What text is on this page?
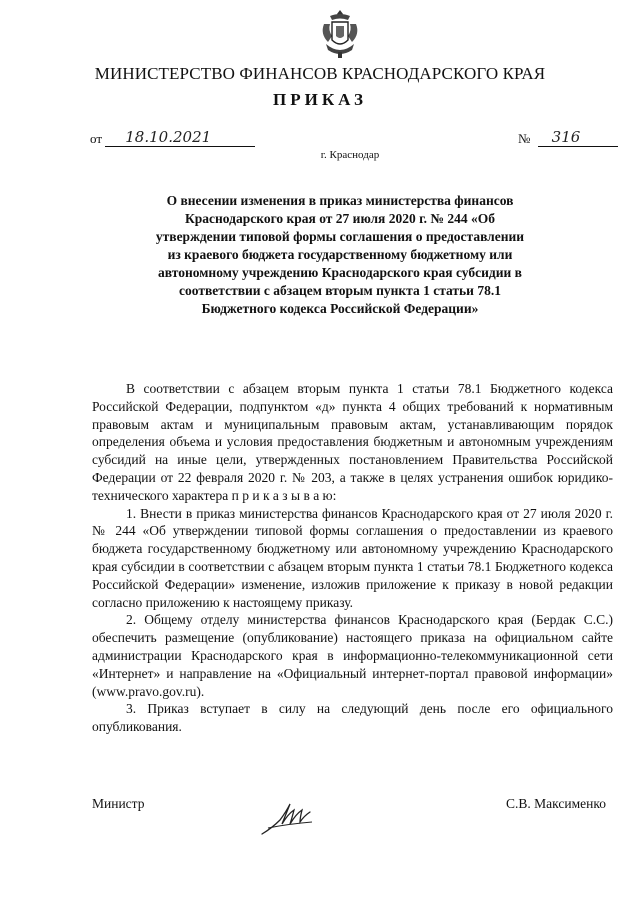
МИНИСТЕРСТВО ФИНАНСОВ КРАСНОДАРСКОГО КРАЯ
ПРИКАЗ
от 18.10.2021	№ 316
г. Краснодар
О внесении изменения в приказ министерства финансов Краснодарского края от 27 июля 2020 г. № 244 «Об утверждении типовой формы соглашения о предоставлении из краевого бюджета государственному бюджетному или автономному учреждению Краснодарского края субсидии в соответствии с абзацем вторым пункта 1 статьи 78.1 Бюджетного кодекса Российской Федерации»

В соответствии с абзацем вторым пункта 1 статьи 78.1 Бюджетного кодекса Российской Федерации, подпунктом «д» пункта 4 общих требований к нормативным правовым актам и муниципальным правовым актам, устанавливающим порядок определения объема и условия предоставления бюджетным и автономным учреждениям субсидий на иные цели, утвержденных постановлением Правительства Российской Федерации от 22 февраля 2020 г. № 203, а также в целях устранения ошибок юридико-технического характера п р и к а з ы в а ю:

1. Внести в приказ министерства финансов Краснодарского края от 27 июля 2020 г. № 244 «Об утверждении типовой формы соглашения о предоставлении из краевого бюджета государственному бюджетному или автономному учреждению Краснодарского края субсидии в соответствии с абзацем вторым пункта 1 статьи 78.1 Бюджетного кодекса Российской Федерации» изменение, изложив приложение к приказу в новой редакции согласно приложению к настоящему приказу.

2. Общему отделу министерства финансов Краснодарского края (Бердак С.С.) обеспечить размещение (опубликование) настоящего приказа на официальном сайте администрации Краснодарского края в информационно-телекоммуникационной сети «Интернет» и направление на «Официальный интернет-портал правовой информации» (www.pravo.gov.ru).

3. Приказ вступает в силу на следующий день после его официального опубликования.

Министр	С.В. Максименко
